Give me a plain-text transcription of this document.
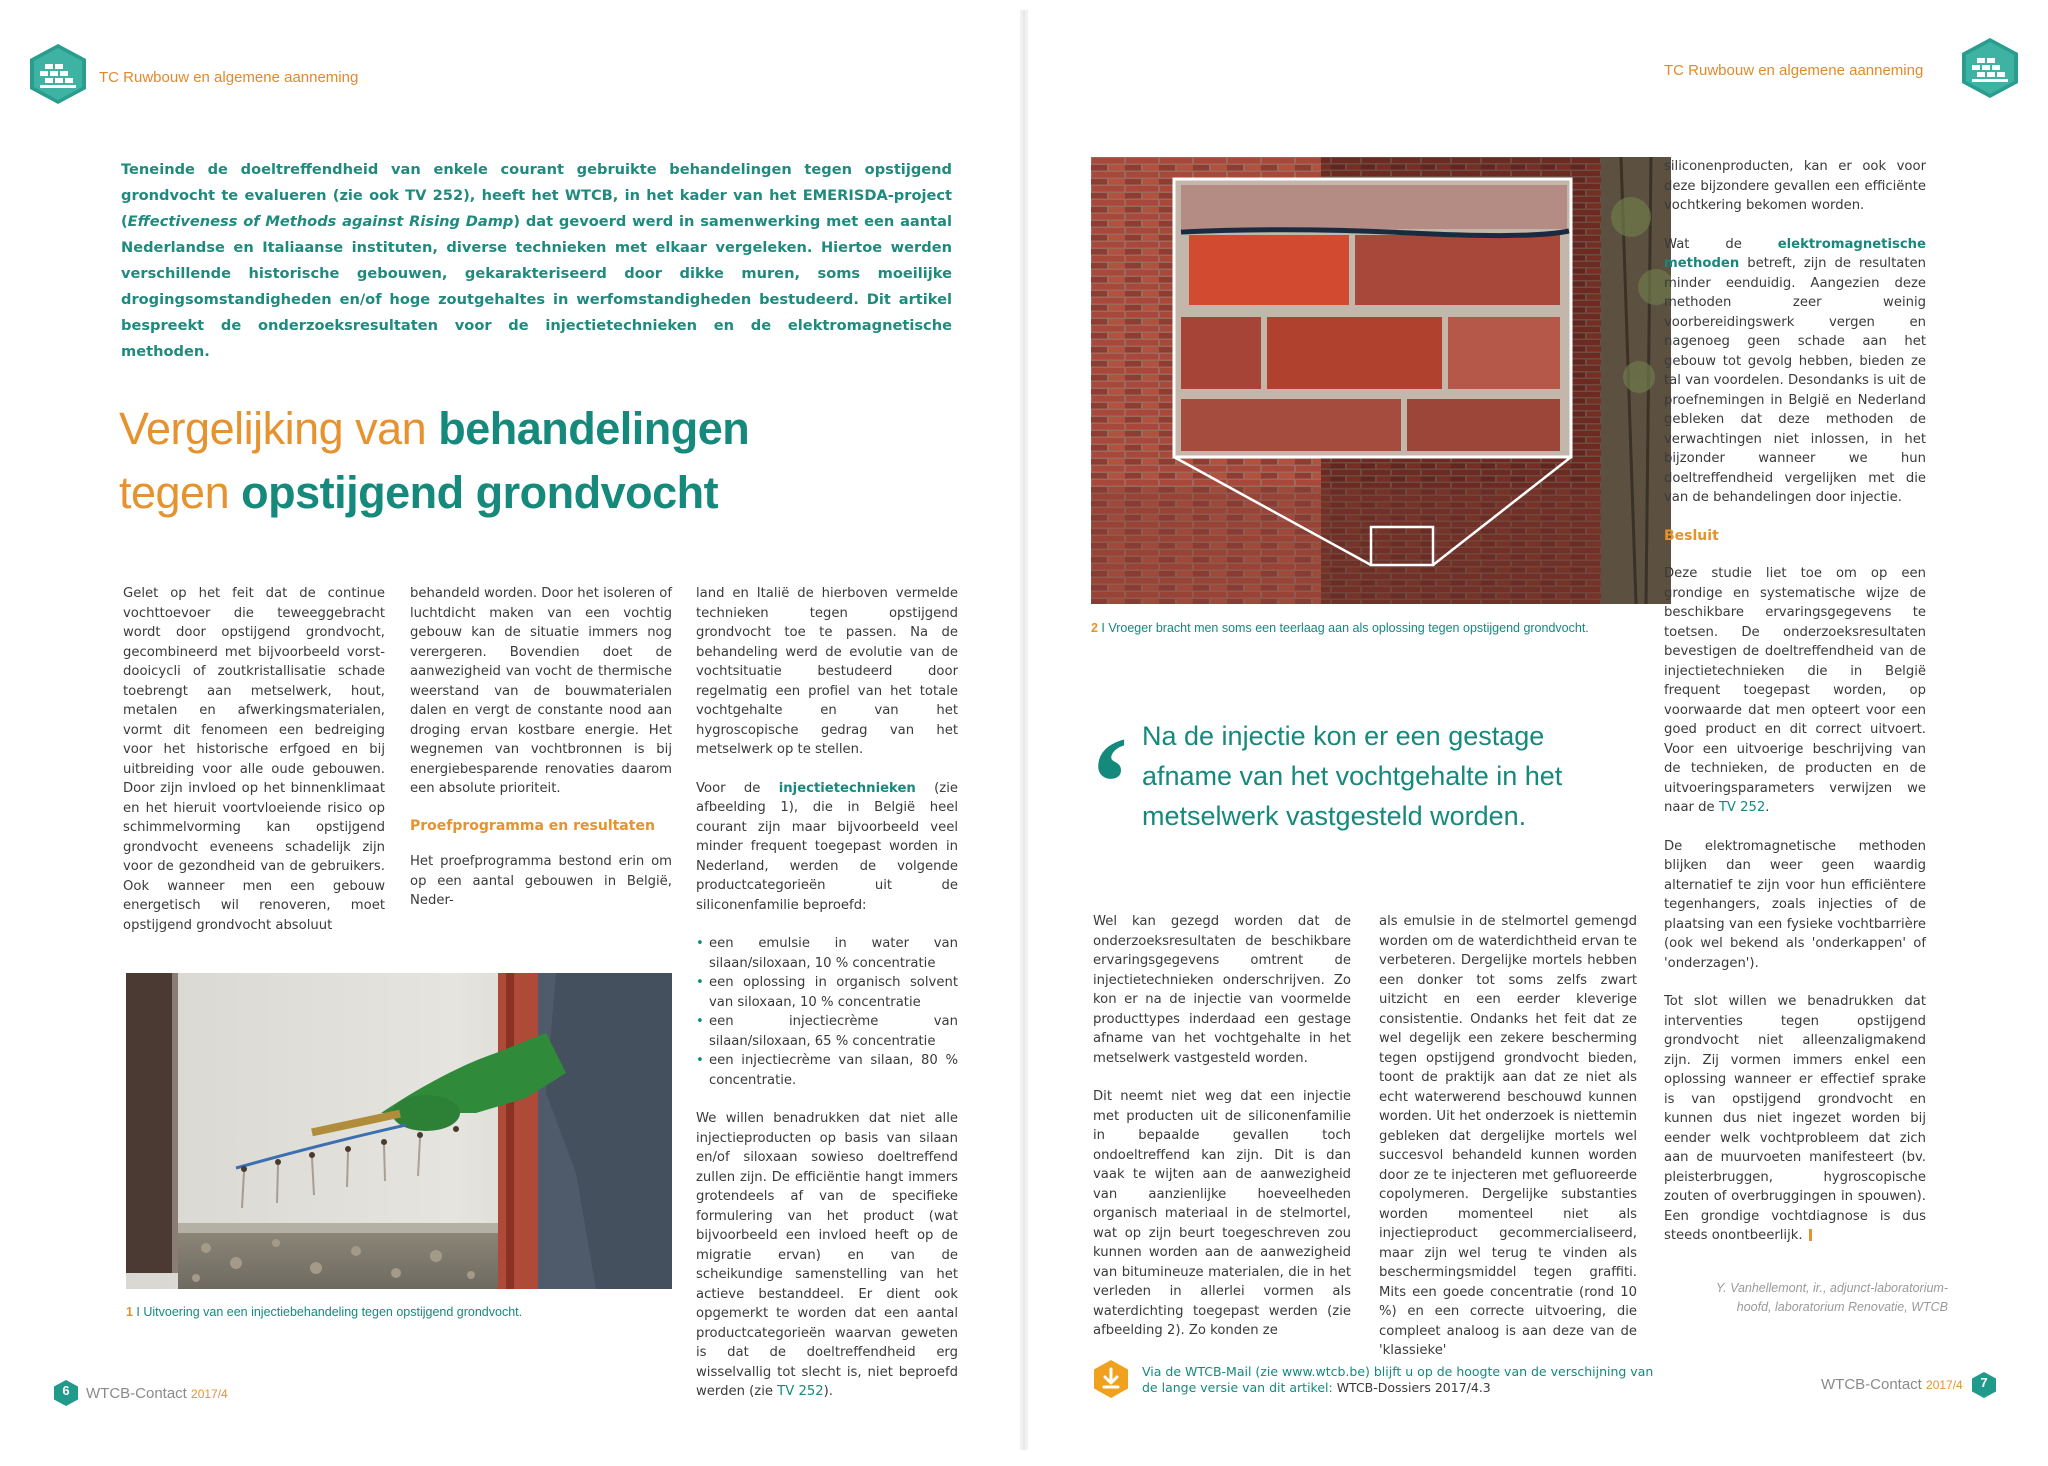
TC Ruwbouw en algemene aanneming
Teneinde de doeltreffendheid van enkele courant gebruikte behandelingen tegen opstijgend grondvocht te evalueren (zie ook TV 252), heeft het WTCB, in het kader van het EMERISDA-project (Effectiveness of Methods against Rising Damp) dat gevoerd werd in samenwerking met een aantal Nederlandse en Italiaanse instituten, diverse technieken met elkaar vergeleken. Hiertoe werden verschillende historische gebouwen, gekarakteriseerd door dikke muren, soms moeilijke drogingsomstandigheden en/of hoge zoutgehaltes in werfomstandigheden bestudeerd. Dit artikel bespreekt de onderzoeksresultaten voor de injectietechnieken en de elektromagnetische methoden.
Vergelijking van behandelingen
tegen opstijgend grondvocht

Gelet op het feit dat de continue vochttoevoer die teweeggebracht wordt door opstijgend grondvocht, gecombineerd met bijvoorbeeld vorst-dooicycli of zoutkristallisatie schade toebrengt aan metselwerk, hout, metalen en afwerkingsmaterialen, vormt dit fenomeen een bedreiging voor het historische erfgoed en bij uitbreiding voor alle oude gebouwen. Door zijn invloed op het binnenklimaat en het hieruit voortvloeiende risico op schimmelvorming kan opstijgend grondvocht eveneens schadelijk zijn voor de gezondheid van de gebruikers. Ook wanneer men een gebouw energetisch wil renoveren, moet opstijgend grondvocht absoluut

behandeld worden. Door het isoleren of luchtdicht maken van een vochtig gebouw kan de situatie immers nog verergeren. Bovendien doet de aanwezigheid van vocht de thermische weerstand van de bouwmaterialen dalen en vergt de constante nood aan droging ervan kostbare energie. Het wegnemen van vochtbronnen is bij energiebesparende renovaties daarom een absolute prioriteit.

Proefprogramma en resultaten

Het proefprogramma bestond erin om op een aantal gebouwen in België, Neder-

land en Italië de hierboven vermelde technieken tegen opstijgend grondvocht toe te passen. Na de behandeling werd de evolutie van de vochtsituatie bestudeerd door regelmatig een profiel van het totale vochtgehalte en van het hygroscopische gedrag van het metselwerk op te stellen.

Voor de injectietechnieken (zie afbeelding 1), die in België heel courant zijn maar bijvoorbeeld veel minder frequent toegepast worden in Nederland, werden de volgende productcategorieën uit de siliconenfamilie beproefd:

• een emulsie in water van silaan/siloxaan, 10 % concentratie
• een oplossing in organisch solvent van siloxaan, 10 % concentratie
• een injectiecrème van silaan/siloxaan, 65 % concentratie
• een injectiecrème van silaan, 80 % concentratie.

We willen benadrukken dat niet alle injectieproducten op basis van silaan en/of siloxaan sowieso doeltreffend zullen zijn. De efficiëntie hangt immers grotendeels af van de specifieke formulering van het product (wat bijvoorbeeld een invloed heeft op de migratie ervan) en van de scheikundige samenstelling van het actieve bestanddeel. Er dient ook opgemerkt te worden dat een aantal productcategorieën waarvan geweten is dat de doeltreffendheid erg wisselvallig tot slecht is, niet beproefd werden (zie TV 252).

1 I Uitvoering van een injectiebehandeling tegen opstijgend grondvocht.
6	WTCB-Contact 2017/4
TC Ruwbouw en algemene aanneming
2 I Vroeger bracht men soms een teerlaag aan als oplossing tegen opstijgend grondvocht.
‘ Na de injectie kon er een gestage afname van het vochtgehalte in het metselwerk vastgesteld worden.

Wel kan gezegd worden dat de onderzoeksresultaten de beschikbare ervaringsgegevens omtrent de injectietechnieken onderschrijven. Zo kon er na de injectie van voormelde producttypes inderdaad een gestage afname van het vochtgehalte in het metselwerk vastgesteld worden.

Dit neemt niet weg dat een injectie met producten uit de siliconenfamilie in bepaalde gevallen toch ondoeltreffend kan zijn. Dit is dan vaak te wijten aan de aanwezigheid van aanzienlijke hoeveelheden organisch materiaal in de stelmortel, wat op zijn beurt toegeschreven zou kunnen worden aan de aanwezigheid van bitumineuze materialen, die in het verleden in allerlei vormen als waterdichting toegepast werden (zie afbeelding 2). Zo konden ze

als emulsie in de stelmortel gemengd worden om de waterdichtheid ervan te verbeteren. Dergelijke mortels hebben een donker tot soms zelfs zwart uitzicht en een eerder kleverige consistentie. Ondanks het feit dat ze wel degelijk een zekere bescherming tegen opstijgend grondvocht bieden, toont de praktijk aan dat ze niet als echt waterwerend beschouwd kunnen worden. Uit het onderzoek is niettemin gebleken dat dergelijke mortels wel succesvol behandeld kunnen worden door ze te injecteren met gefluoreerde copolymeren. Dergelijke substanties worden momenteel niet als injectieproduct gecommercialiseerd, maar zijn wel terug te vinden als beschermingsmiddel tegen graffiti. Mits een goede concentratie (rond 10 %) en een correcte uitvoering, die compleet analoog is aan deze van de 'klassieke'

siliconenproducten, kan er ook voor deze bijzondere gevallen een efficiënte vochtkering bekomen worden.

Wat de elektromagnetische methoden betreft, zijn de resultaten minder eenduidig. Aangezien deze methoden zeer weinig voorbereidingswerk vergen en nagenoeg geen schade aan het gebouw tot gevolg hebben, bieden ze tal van voordelen. Desondanks is uit de proefnemingen in België en Nederland gebleken dat deze methoden de verwachtingen niet inlossen, in het bijzonder wanneer we hun doeltreffendheid vergelijken met die van de behandelingen door injectie.

Besluit

Deze studie liet toe om op een grondige en systematische wijze de beschikbare ervaringsgegevens te toetsen. De onderzoeksresultaten bevestigen de doeltreffendheid van de injectietechnieken die in België frequent toegepast worden, op voorwaarde dat men opteert voor een goed product en dit correct uitvoert. Voor een uitvoerige beschrijving van de technieken, de producten en de uitvoeringsparameters verwijzen we naar de TV 252.

De elektromagnetische methoden blijken dan weer geen waardig alternatief te zijn voor hun efficiëntere tegenhangers, zoals injecties of de plaatsing van een fysieke vochtbarrière (ook wel bekend als 'onderkappen' of 'onderzagen').

Tot slot willen we benadrukken dat interventies tegen opstijgend grondvocht niet alleenzaligmakend zijn. Zij vormen immers enkel een oplossing wanneer er effectief sprake is van opstijgend grondvocht en kunnen dus niet ingezet worden bij eender welk vochtprobleem dat zich aan de muurvoeten manifesteert (bv. pleisterbruggen, hygroscopische zouten of overbruggingen in spouwen). Een grondige vochtdiagnose is dus steeds onontbeerlijk.

Y. Vanhellemont, ir., adjunct-laboratorium-
hoofd, laboratorium Renovatie, WTCB
Via de WTCB-Mail (zie www.wtcb.be) blijft u op de hoogte van de verschijning van
de lange versie van dit artikel: WTCB-Dossiers 2017/4.3	WTCB-Contact 2017/4	7
